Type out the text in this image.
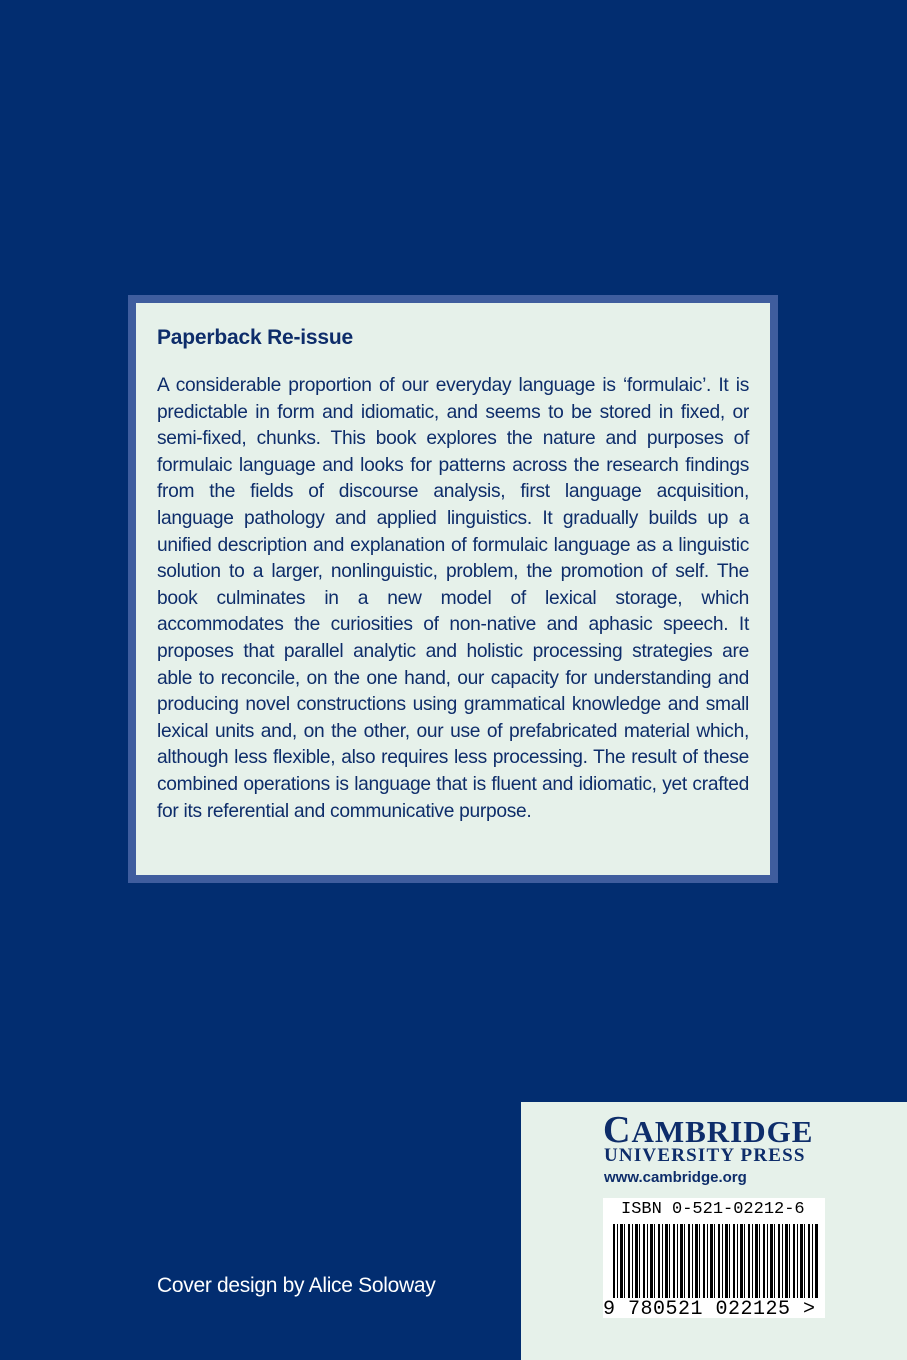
Paperback Re-issue

A considerable proportion of our everyday language is ‘formulaic’. It is predictable in form and idiomatic, and seems to be stored in fixed, or semi-fixed, chunks. This book explores the nature and purposes of formulaic language and looks for patterns across the research findings from the fields of discourse analysis, first language acquisition, language pathology and applied linguistics. It gradually builds up a unified description and explanation of formulaic language as a linguistic solution to a larger, nonlinguistic, problem, the promotion of self. The book culminates in a new model of lexical storage, which accommodates the curiosities of non-native and aphasic speech. It proposes that parallel analytic and holistic processing strategies are able to reconcile, on the one hand, our capacity for understanding and producing novel constructions using grammatical knowledge and small lexical units and, on the other, our use of prefabricated material which, although less flexible, also requires less processing. The result of these combined operations is language that is fluent and idiomatic, yet crafted for its referential and communicative purpose.

Cover design by Alice Soloway
CAMBRIDGE
UNIVERSITY PRESS
www.cambridge.org
ISBN 0-521-02212-6
9 780521 022125 >
